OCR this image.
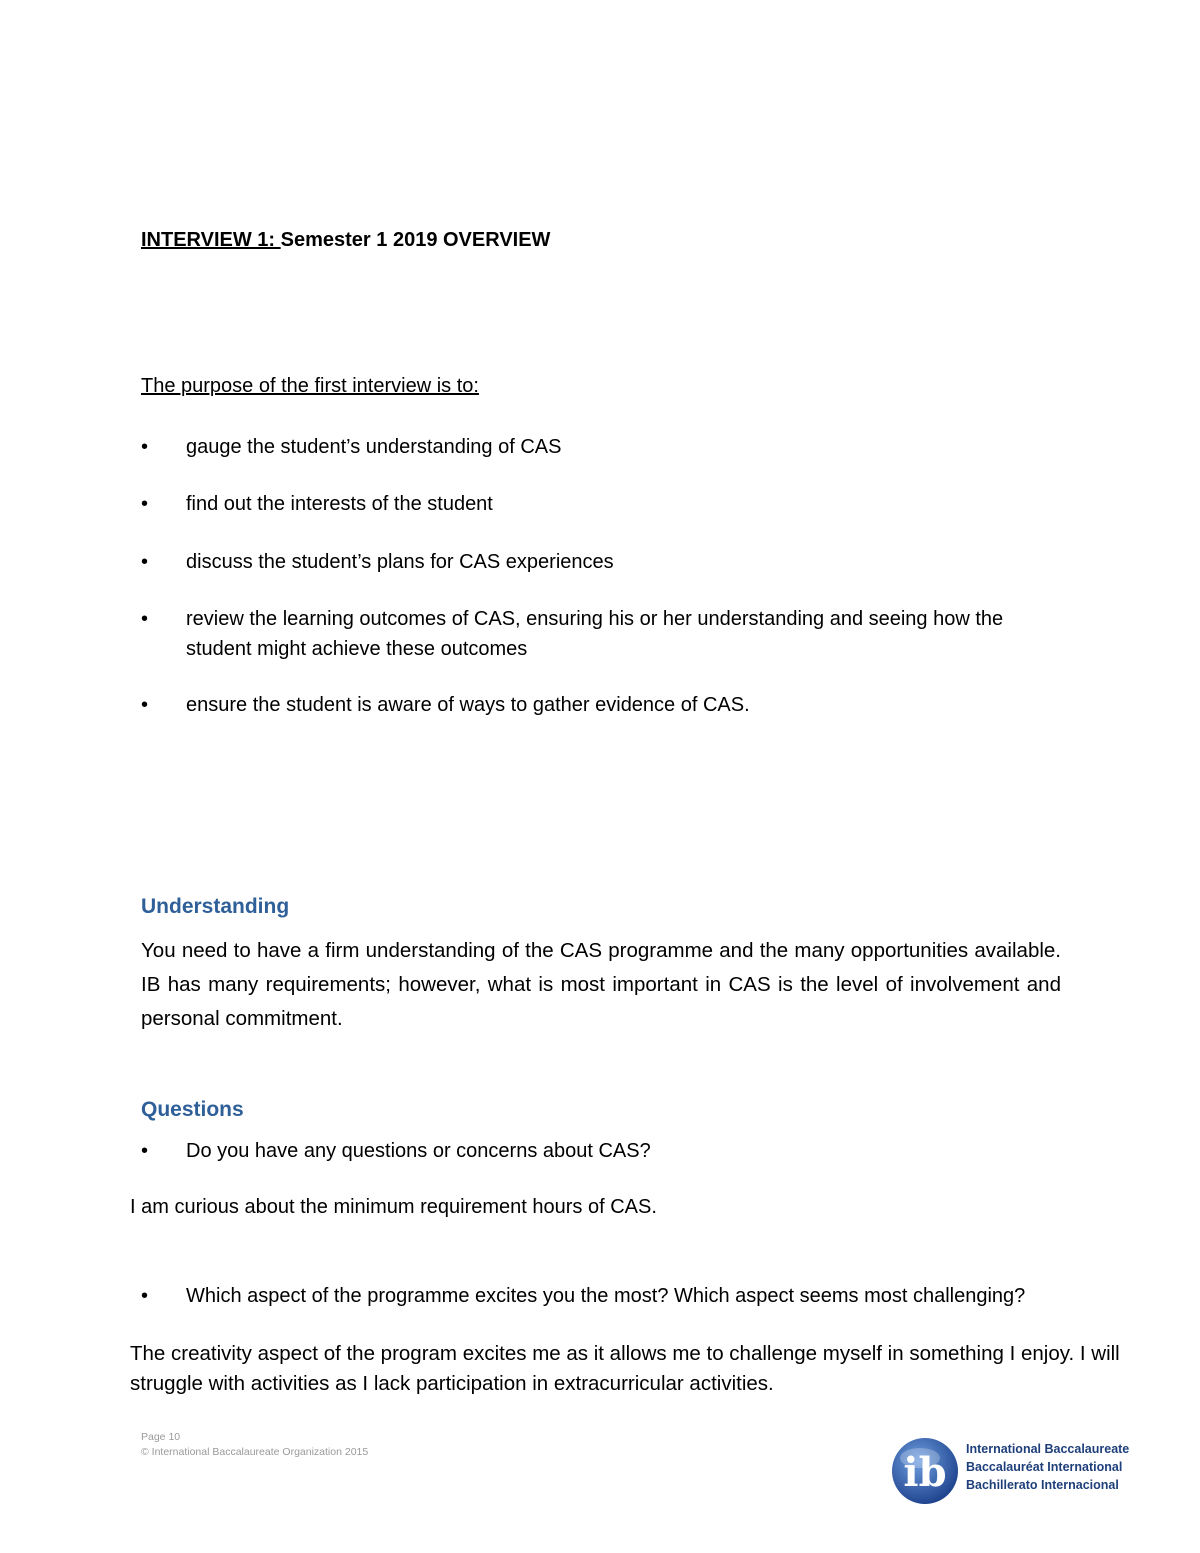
INTERVIEW 1: Semester 1 2019 OVERVIEW
The purpose of the first interview is to:
•	gauge the student’s understanding of CAS
•	find out the interests of the student
•	discuss the student’s plans for CAS experiences
•	review the learning outcomes of CAS, ensuring his or her understanding and seeing how the student might achieve these outcomes
•	ensure the student is aware of ways to gather evidence of CAS.
Understanding
You need to have a firm understanding of the CAS programme and the many opportunities available. IB has many requirements; however, what is most important in CAS is the level of involvement and personal commitment.
Questions
•	Do you have any questions or concerns about CAS?
I am curious about the minimum requirement hours of CAS.
•	Which aspect of the programme excites you the most? Which aspect seems most challenging?
The creativity aspect of the program excites me as it allows me to challenge myself in something I enjoy. I will struggle with activities as I lack participation in extracurricular activities.
Page 10
© International Baccalaureate Organization 2015	ib International Baccalaureate
Baccalauréat International
Bachillerato Internacional
